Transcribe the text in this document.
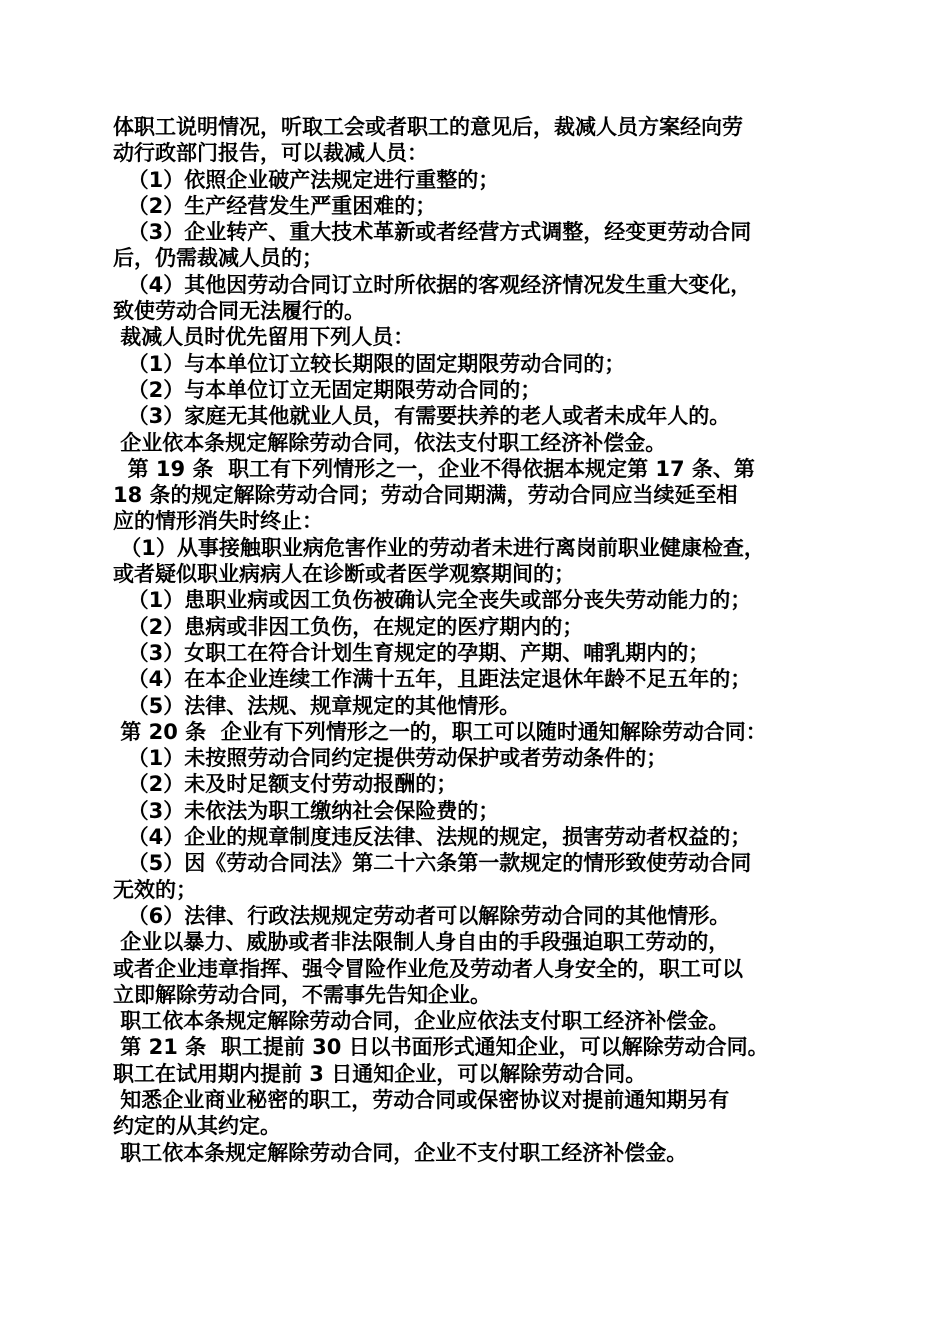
体职工说明情况，听取工会或者职工的意见后，裁减人员方案经向劳
动行政部门报告，可以裁减人员：
（1）依照企业破产法规定进行重整的；
（2）生产经营发生严重困难的；
（3）企业转产、重大技术革新或者经营方式调整，经变更劳动合同
后，仍需裁减人员的；
（4）其他因劳动合同订立时所依据的客观经济情况发生重大变化，
致使劳动合同无法履行的。
裁减人员时优先留用下列人员：
（1）与本单位订立较长期限的固定期限劳动合同的；
（2）与本单位订立无固定期限劳动合同的；
（3）家庭无其他就业人员，有需要扶养的老人或者未成年人的。
企业依本条规定解除劳动合同，依法支付职工经济补偿金。
第 19 条  职工有下列情形之一，企业不得依据本规定第 17 条、第
18 条的规定解除劳动合同；劳动合同期满，劳动合同应当续延至相
应的情形消失时终止：
（1）从事接触职业病危害作业的劳动者未进行离岗前职业健康检查，
或者疑似职业病病人在诊断或者医学观察期间的；
（1）患职业病或因工负伤被确认完全丧失或部分丧失劳动能力的；
（2）患病或非因工负伤，在规定的医疗期内的；
（3）女职工在符合计划生育规定的孕期、产期、哺乳期内的；
（4）在本企业连续工作满十五年，且距法定退休年龄不足五年的；
（5）法律、法规、规章规定的其他情形。
第 20 条  企业有下列情形之一的，职工可以随时通知解除劳动合同：
（1）未按照劳动合同约定提供劳动保护或者劳动条件的；
（2）未及时足额支付劳动报酬的；
（3）未依法为职工缴纳社会保险费的；
（4）企业的规章制度违反法律、法规的规定，损害劳动者权益的；
（5）因《劳动合同法》第二十六条第一款规定的情形致使劳动合同
无效的；
（6）法律、行政法规规定劳动者可以解除劳动合同的其他情形。
企业以暴力、威胁或者非法限制人身自由的手段强迫职工劳动的，
或者企业违章指挥、强令冒险作业危及劳动者人身安全的，职工可以
立即解除劳动合同，不需事先告知企业。
职工依本条规定解除劳动合同，企业应依法支付职工经济补偿金。
第 21 条  职工提前 30 日以书面形式通知企业，可以解除劳动合同。
职工在试用期内提前 3 日通知企业，可以解除劳动合同。
知悉企业商业秘密的职工，劳动合同或保密协议对提前通知期另有
约定的从其约定。
职工依本条规定解除劳动合同，企业不支付职工经济补偿金。
